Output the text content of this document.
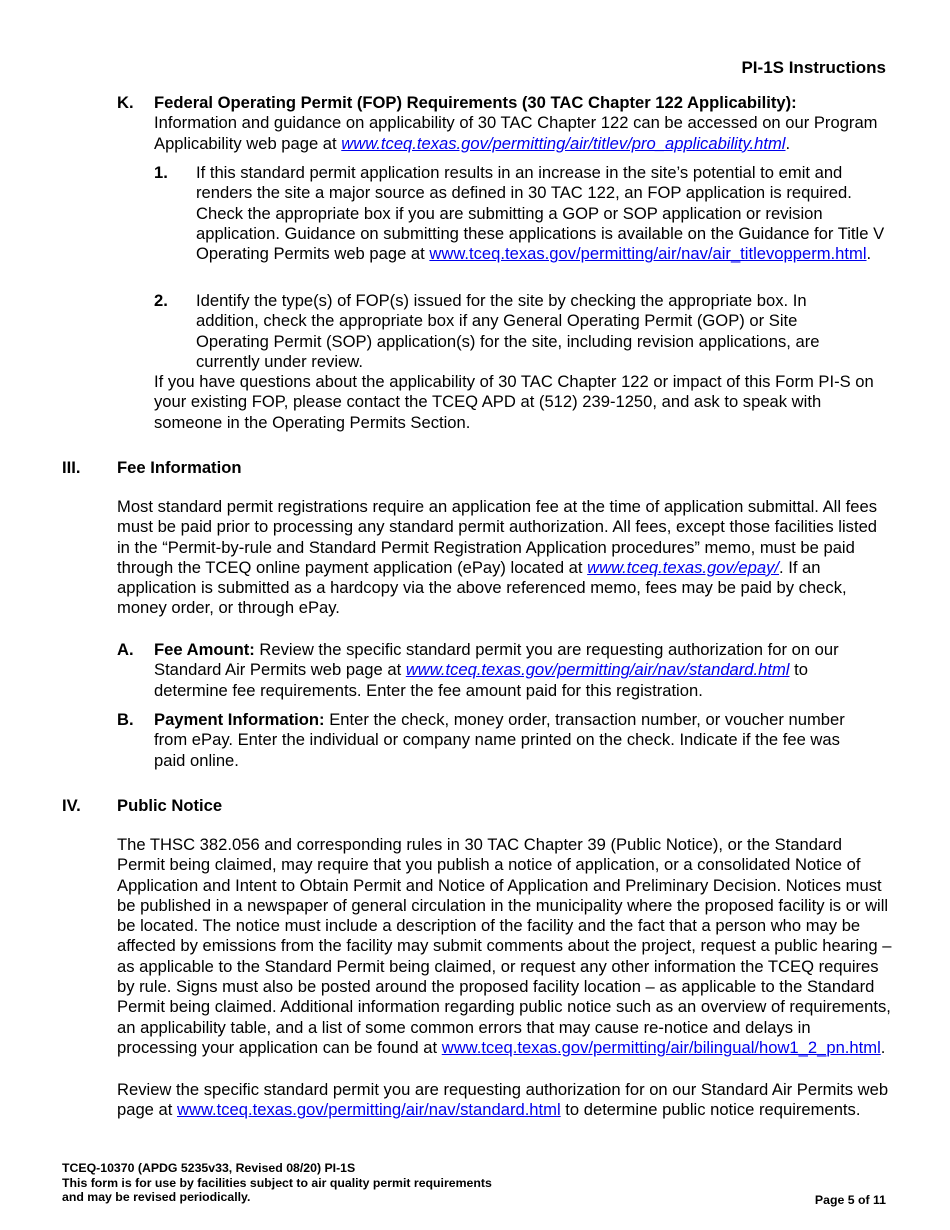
PI-1S Instructions
K. Federal Operating Permit (FOP) Requirements (30 TAC Chapter 122 Applicability):
Information and guidance on applicability of 30 TAC Chapter 122 can be accessed on our Program Applicability web page at www.tceq.texas.gov/permitting/air/titlev/pro_applicability.html.
1. If this standard permit application results in an increase in the site’s potential to emit and renders the site a major source as defined in 30 TAC 122, an FOP application is required. Check the appropriate box if you are submitting a GOP or SOP application or revision application. Guidance on submitting these applications is available on the Guidance for Title V Operating Permits web page at www.tceq.texas.gov/permitting/air/nav/air_titlevopperm.html.
2. Identify the type(s) of FOP(s) issued for the site by checking the appropriate box. In addition, check the appropriate box if any General Operating Permit (GOP) or Site Operating Permit (SOP) application(s) for the site, including revision applications, are currently under review.
If you have questions about the applicability of 30 TAC Chapter 122 or impact of this Form PI-S on your existing FOP, please contact the TCEQ APD at (512) 239-1250, and ask to speak with someone in the Operating Permits Section.
III. Fee Information
Most standard permit registrations require an application fee at the time of application submittal. All fees must be paid prior to processing any standard permit authorization. All fees, except those facilities listed in the “Permit-by-rule and Standard Permit Registration Application procedures” memo, must be paid through the TCEQ online payment application (ePay) located at www.tceq.texas.gov/epay/. If an application is submitted as a hardcopy via the above referenced memo, fees may be paid by check, money order, or through ePay.
A. Fee Amount: Review the specific standard permit you are requesting authorization for on our Standard Air Permits web page at www.tceq.texas.gov/permitting/air/nav/standard.html to determine fee requirements. Enter the fee amount paid for this registration.
B. Payment Information: Enter the check, money order, transaction number, or voucher number from ePay. Enter the individual or company name printed on the check. Indicate if the fee was paid online.
IV. Public Notice
The THSC 382.056 and corresponding rules in 30 TAC Chapter 39 (Public Notice), or the Standard Permit being claimed, may require that you publish a notice of application, or a consolidated Notice of Application and Intent to Obtain Permit and Notice of Application and Preliminary Decision. Notices must be published in a newspaper of general circulation in the municipality where the proposed facility is or will be located. The notice must include a description of the facility and the fact that a person who may be affected by emissions from the facility may submit comments about the project, request a public hearing – as applicable to the Standard Permit being claimed, or request any other information the TCEQ requires by rule. Signs must also be posted around the proposed facility location – as applicable to the Standard Permit being claimed. Additional information regarding public notice such as an overview of requirements, an applicability table, and a list of some common errors that may cause re-notice and delays in processing your application can be found at www.tceq.texas.gov/permitting/air/bilingual/how1_2_pn.html.
Review the specific standard permit you are requesting authorization for on our Standard Air Permits web page at www.tceq.texas.gov/permitting/air/nav/standard.html to determine public notice requirements.
TCEQ-10370 (APDG 5235v33, Revised 08/20) PI-1S
This form is for use by facilities subject to air quality permit requirements
and may be revised periodically.	Page 5 of 11
